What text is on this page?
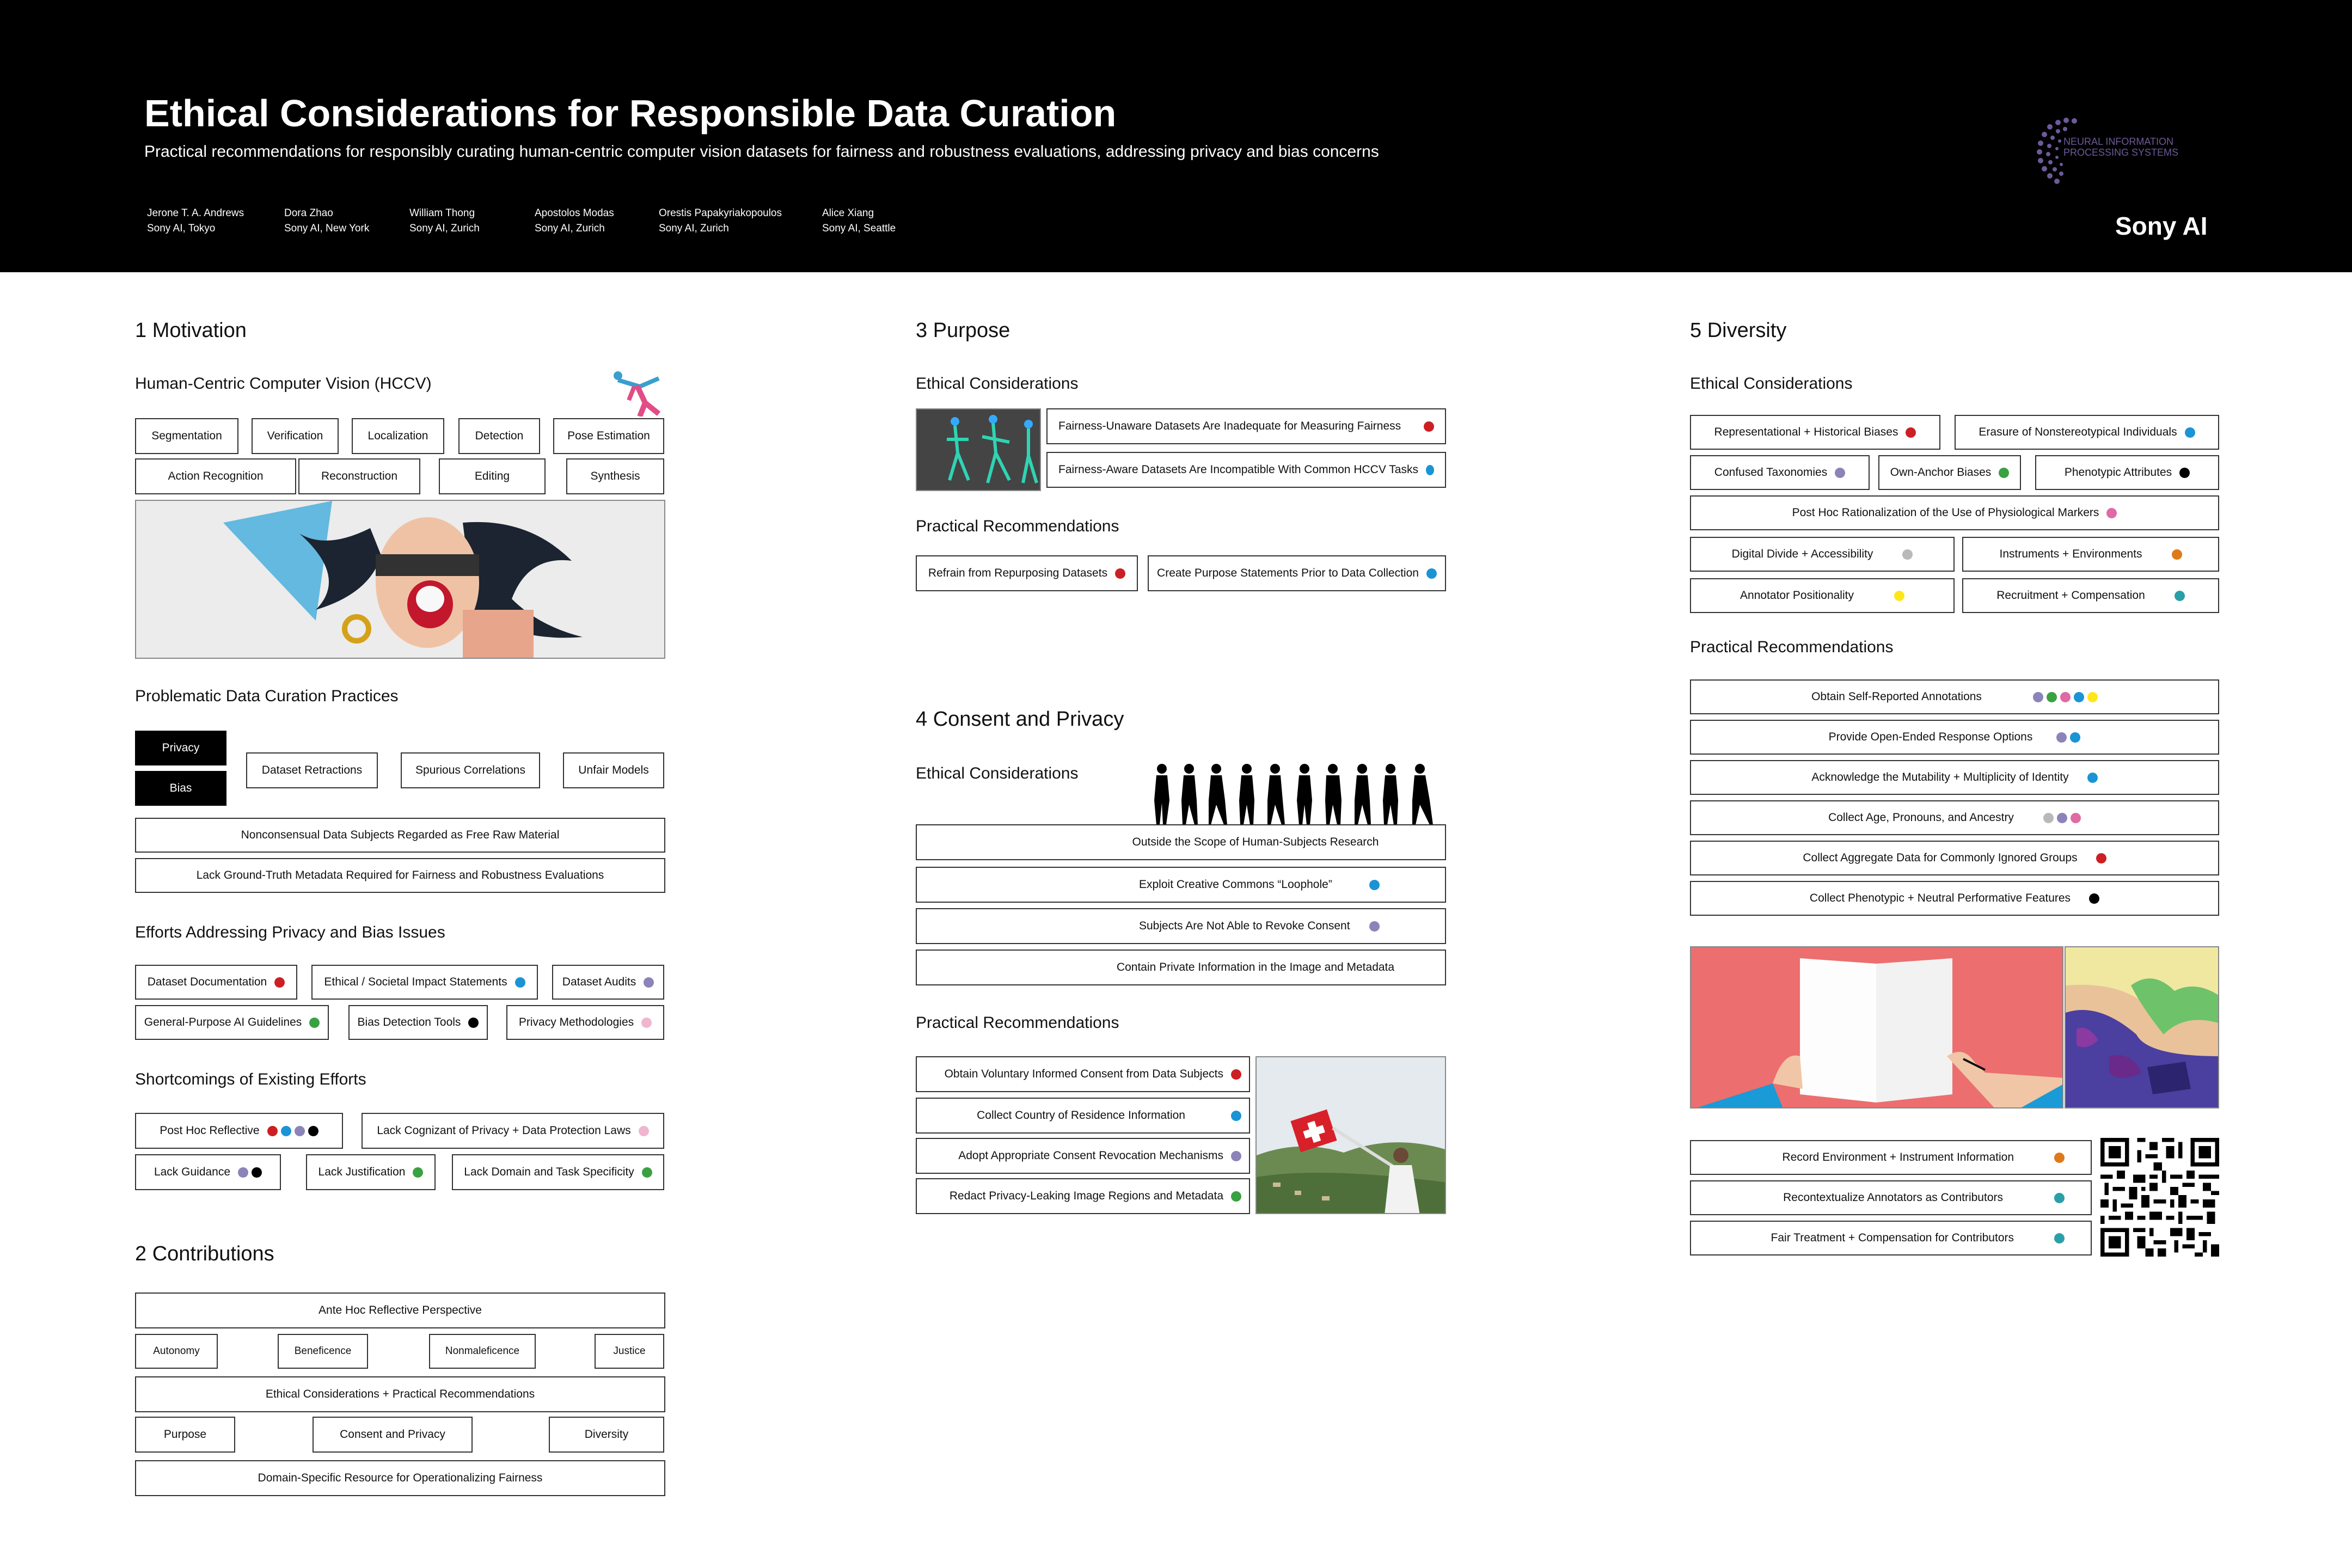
Ethical Considerations for Responsible Data Curation
Practical recommendations for responsibly curating human-centric computer vision datasets for fairness and robustness evaluations, addressing privacy and bias concerns
Jerone T. A. Andrews
Sony AI, Tokyo
Dora Zhao
Sony AI, New York
William Thong
Sony AI, Zurich
Apostolos Modas
Sony AI, Zurich
Orestis Papakyriakopoulos
Sony AI, Zurich
Alice Xiang
Sony AI, Seattle
NEURAL INFORMATION
PROCESSING SYSTEMS
Sony AI
1 Motivation
Human-Centric Computer Vision (HCCV)
Segmentation	Verification	Localization	Detection	Pose Estimation
Action Recognition	Reconstruction	Editing	Synthesis
Problematic Data Curation Practices
Privacy
Bias
Dataset Retractions	Spurious Correlations	Unfair Models
Nonconsensual Data Subjects Regarded as Free Raw Material
Lack Ground-Truth Metadata Required for Fairness and Robustness Evaluations
Efforts Addressing Privacy and Bias Issues
Dataset Documentation	Ethical / Societal Impact Statements	Dataset Audits
General-Purpose AI Guidelines	Bias Detection Tools	Privacy Methodologies
Shortcomings of Existing Efforts
Post Hoc Reflective	Lack Cognizant of Privacy + Data Protection Laws
Lack Guidance	Lack Justification	Lack Domain and Task Specificity
2 Contributions
Ante Hoc Reflective Perspective
Autonomy	Beneficence	Nonmaleficence	Justice
Ethical Considerations + Practical Recommendations
Purpose	Consent and Privacy	Diversity
Domain-Specific Resource for Operationalizing Fairness
3 Purpose
Ethical Considerations
Fairness-Unaware Datasets Are Inadequate for Measuring Fairness
Fairness-Aware Datasets Are Incompatible With Common HCCV Tasks
Practical Recommendations
Refrain from Repurposing Datasets	Create Purpose Statements Prior to Data Collection
4 Consent and Privacy
Ethical Considerations
Outside the Scope of Human-Subjects Research
Exploit Creative Commons “Loophole”
Subjects Are Not Able to Revoke Consent
Contain Private Information in the Image and Metadata
Practical Recommendations
Obtain Voluntary Informed Consent from Data Subjects
Collect Country of Residence Information
Adopt Appropriate Consent Revocation Mechanisms
Redact Privacy-Leaking Image Regions and Metadata
5 Diversity
Ethical Considerations
Representational + Historical Biases	Erasure of Nonstereotypical Individuals
Confused Taxonomies	Own-Anchor Biases	Phenotypic Attributes
Post Hoc Rationalization of the Use of Physiological Markers
Digital Divide + Accessibility	Instruments + Environments
Annotator Positionality	Recruitment + Compensation
Practical Recommendations
Obtain Self-Reported Annotations
Provide Open-Ended Response Options
Acknowledge the Mutability + Multiplicity of Identity
Collect Age, Pronouns, and Ancestry
Collect Aggregate Data for Commonly Ignored Groups
Collect Phenotypic + Neutral Performative Features
Record Environment + Instrument Information
Recontextualize Annotators as Contributors
Fair Treatment + Compensation for Contributors
